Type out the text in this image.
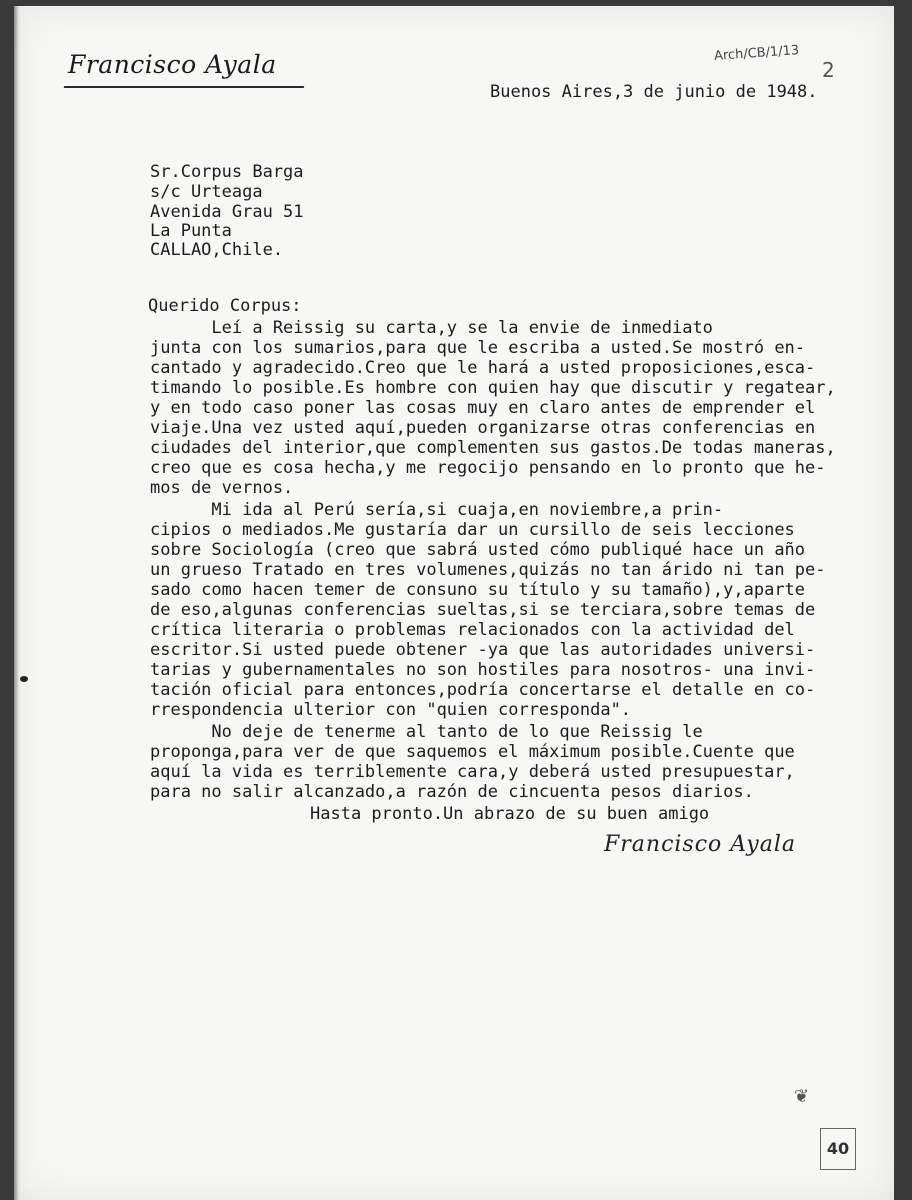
Francisco Ayala	Arch/CB/1/13
2

Buenos Aires,3 de junio de 1948.

Sr.Corpus Barga

s/c Urteaga

Avenida Grau 51

La Punta

CALLAO,Chile.

Querido Corpus:

Leí a Reissig su carta,y se la envie de inmediato

junta con los sumarios,para que le escriba a usted.Se mostró en-

cantado y agradecido.Creo que le hará a usted proposiciones,esca-

timando lo posible.Es hombre con quien hay que discutir y regatear,

y en todo caso poner las cosas muy en claro antes de emprender el

viaje.Una vez usted aquí,pueden organizarse otras conferencias en

ciudades del interior,que complementen sus gastos.De todas maneras,

creo que es cosa hecha,y me regocijo pensando en lo pronto que he-

mos de vernos.

Mi ida al Perú sería,si cuaja,en noviembre,a prin-

cipios o mediados.Me gustaría dar un cursillo de seis lecciones

sobre Sociología (creo que sabrá usted cómo publiqué hace un año

un grueso Tratado en tres volumenes,quizás no tan árido ni tan pe-

sado como hacen temer de consuno su título y su tamaño),y,aparte

de eso,algunas conferencias sueltas,si se terciara,sobre temas de

crítica literaria o problemas relacionados con la actividad del

escritor.Si usted puede obtener -ya que las autoridades universi-

tarias y gubernamentales no son hostiles para nosotros- una invi-

tación oficial para entonces,podría concertarse el detalle en co-

rrespondencia ulterior con "quien corresponda".

No deje de tenerme al tanto de lo que Reissig le

proponga,para ver de que saquemos el máximum posible.Cuente que

aquí la vida es terriblemente cara,y deberá usted presupuestar,

para no salir alcanzado,a razón de cincuenta pesos diarios.

Hasta pronto.Un abrazo de su buen amigo

Francisco Ayala
❦
40
